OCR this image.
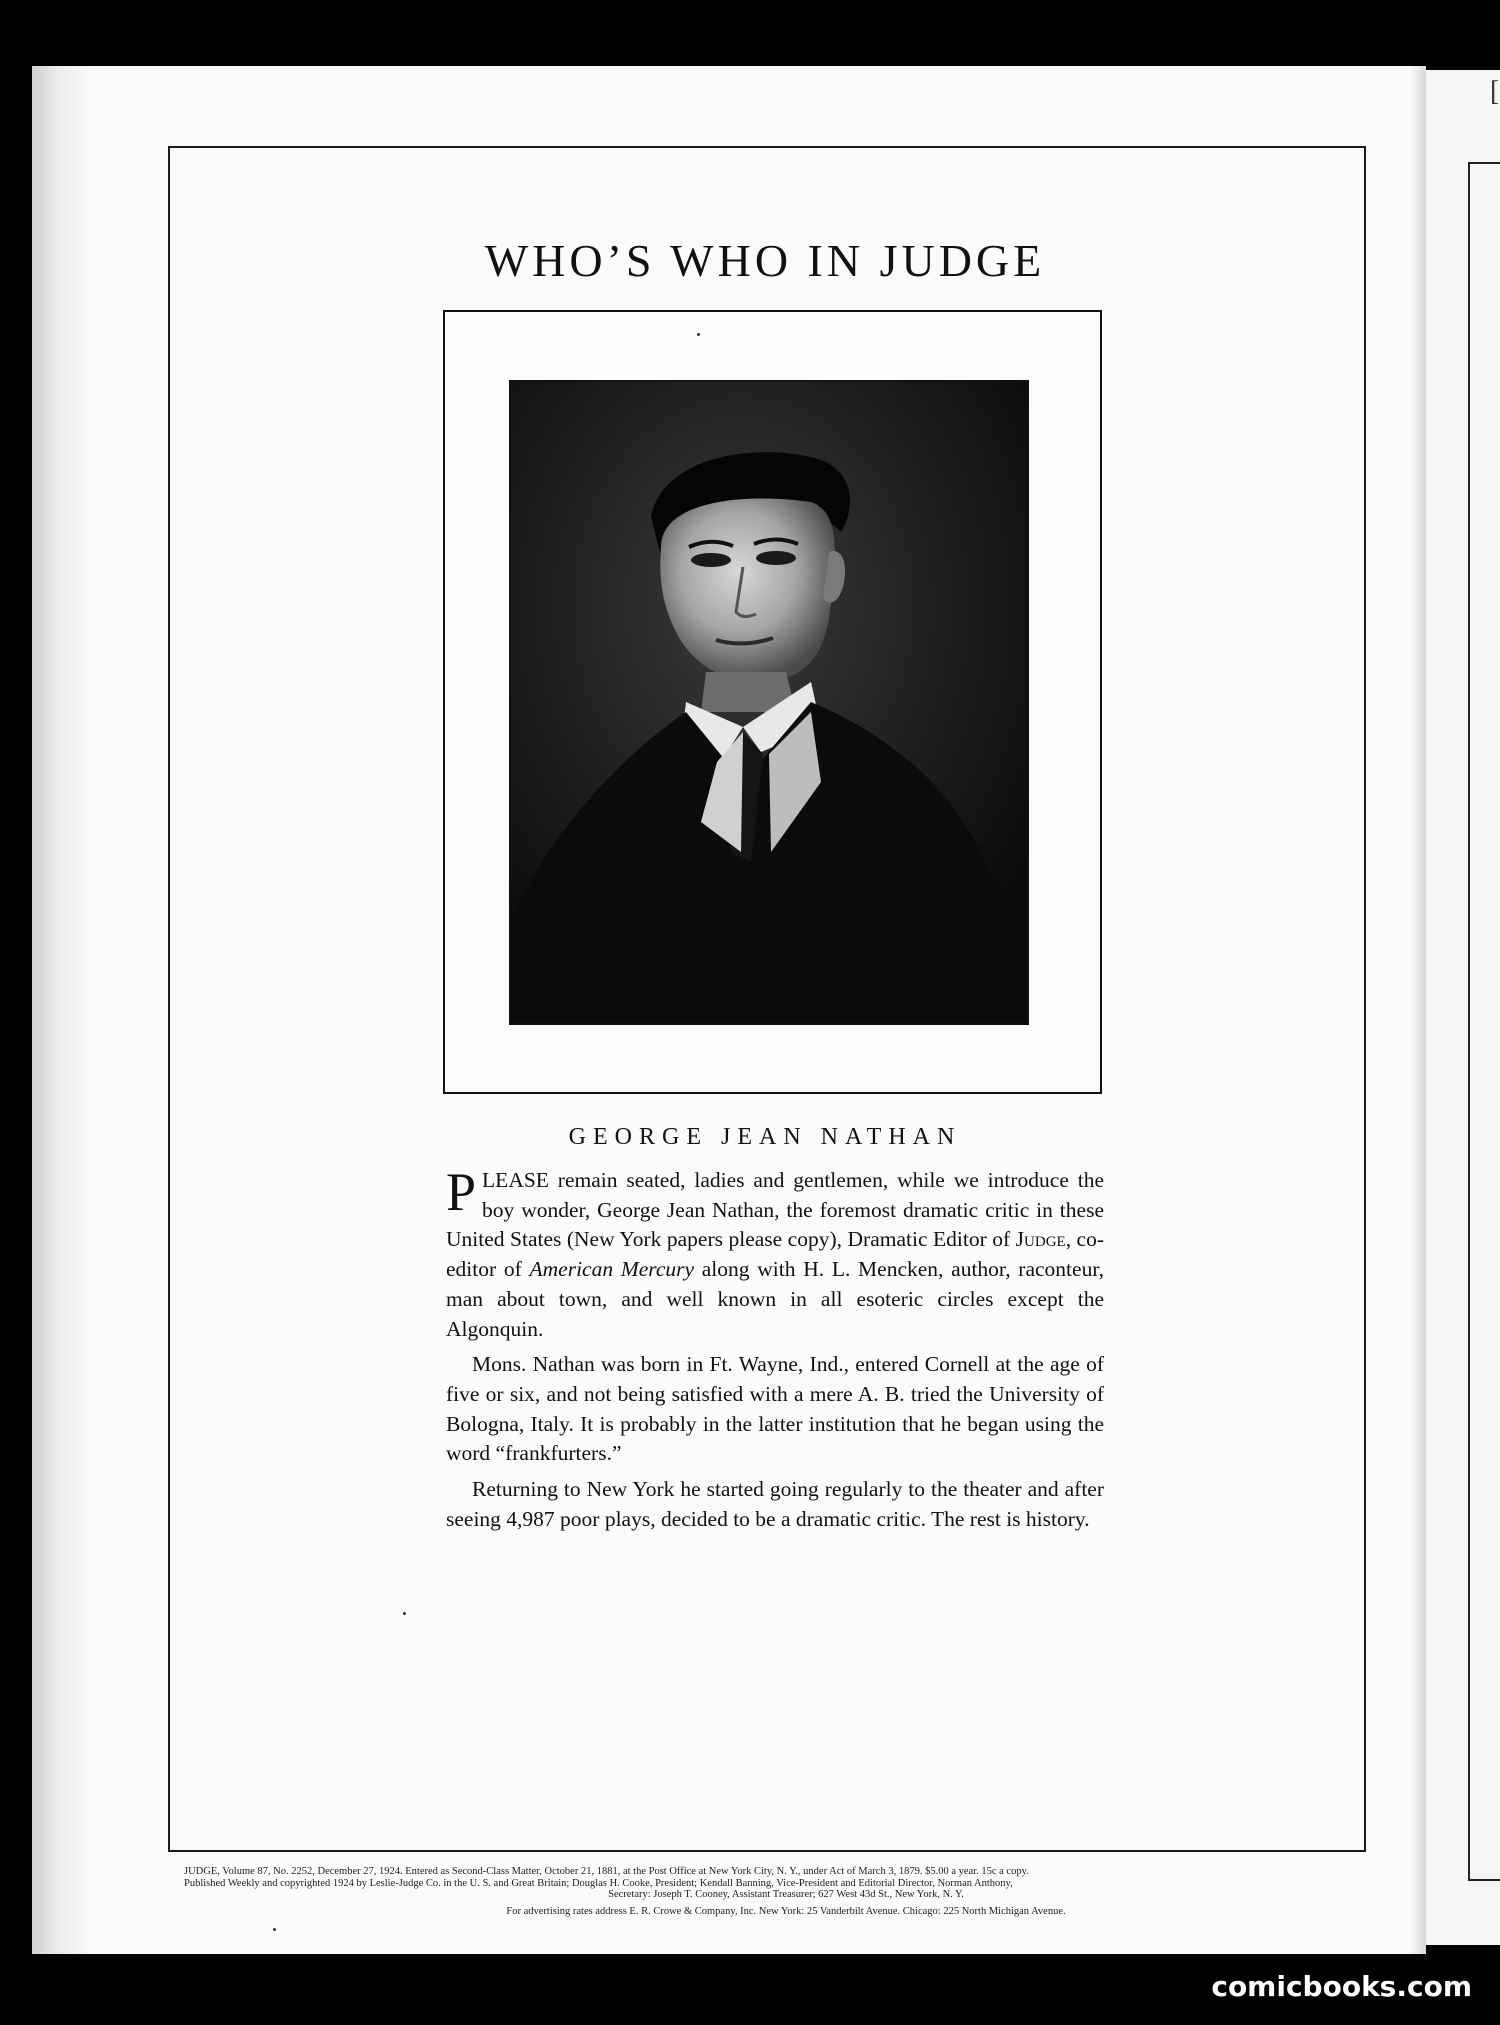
[
WHO’S WHO IN JUDGE
GEORGE JEAN NATHAN

PLEASE remain seated, ladies and gentlemen, while we introduce the boy wonder, George Jean Nathan, the foremost dramatic critic in these United States (New York papers please copy), Dramatic Editor of Judge, co-editor of American Mercury along with H. L. Mencken, author, raconteur, man about town, and well known in all esoteric circles except the Algonquin.

Mons. Nathan was born in Ft. Wayne, Ind., entered Cornell at the age of five or six, and not being satisfied with a mere A. B. tried the University of Bologna, Italy. It is probably in the latter institution that he began using the word “frankfurters.”

Returning to New York he started going regularly to the theater and after seeing 4,987 poor plays, decided to be a dramatic critic. The rest is history.

JUDGE, Volume 87, No. 2252, December 27, 1924. Entered as Second-Class Matter, October 21, 1881, at the Post Office at New York City, N. Y., under Act of March 3, 1879. $5.00 a year. 15c a copy.
Published Weekly and copyrighted 1924 by Leslie-Judge Co. in the U. S. and Great Britain; Douglas H. Cooke, President; Kendall Banning, Vice-President and Editorial Director, Norman Anthony,

Secretary: Joseph T. Cooney, Assistant Treasurer; 627 West 43d St., New York, N. Y.
For advertising rates address E. R. Crowe & Company, Inc. New York: 25 Vanderbilt Avenue. Chicago: 225 North Michigan Avenue.
comicbooks.com
